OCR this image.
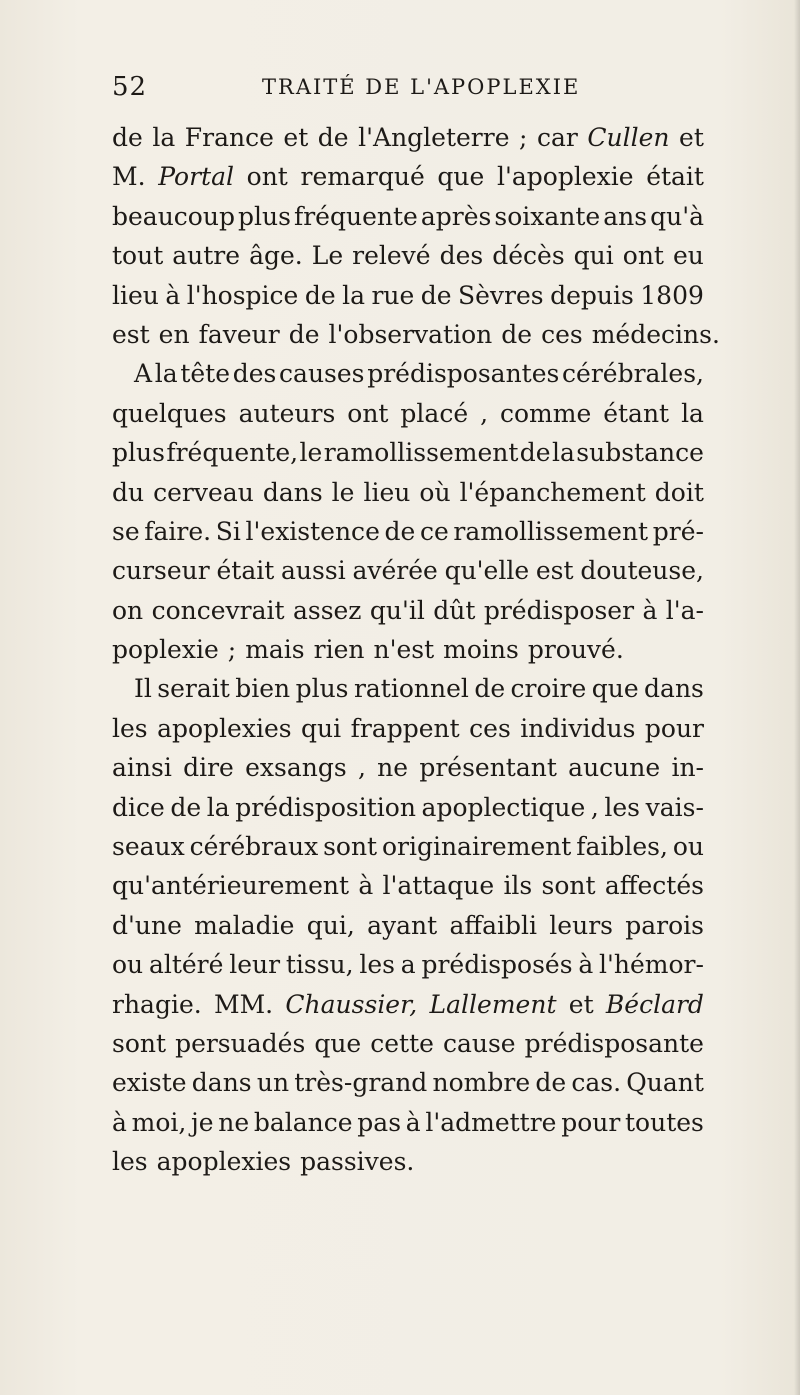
52	TRAITÉ DE L'APOPLEXIE
de la France et de l'Angleterre ; car Cullen et
M. Portal ont remarqué que l'apoplexie était
beaucoup plus fréquente après soixante ans qu'à
tout autre âge. Le relevé des décès qui ont eu
lieu à l'hospice de la rue de Sèvres depuis 1809
est en faveur de l'observation de ces médecins.
A la tête des causes prédisposantes cérébrales,
quelques auteurs ont placé , comme étant la
plus fréquente, le ramollissement de la substance
du cerveau dans le lieu où l'épanchement doit
se faire. Si l'existence de ce ramollissement pré-
curseur était aussi avérée qu'elle est douteuse,
on concevrait assez qu'il dût prédisposer à l'a-
poplexie ; mais rien n'est moins prouvé.
Il serait bien plus rationnel de croire que dans
les apoplexies qui frappent ces individus pour
ainsi dire exsangs , ne présentant aucune in-
dice de la prédisposition apoplectique , les vais-
seaux cérébraux sont originairement faibles, ou
qu'antérieurement à l'attaque ils sont affectés
d'une maladie qui, ayant affaibli leurs parois
ou altéré leur tissu, les a prédisposés à l'hémor-
rhagie. MM. Chaussier, Lallement et Béclard
sont persuadés que cette cause prédisposante
existe dans un très-grand nombre de cas. Quant
à moi, je ne balance pas à l'admettre pour toutes
les apoplexies passives.
